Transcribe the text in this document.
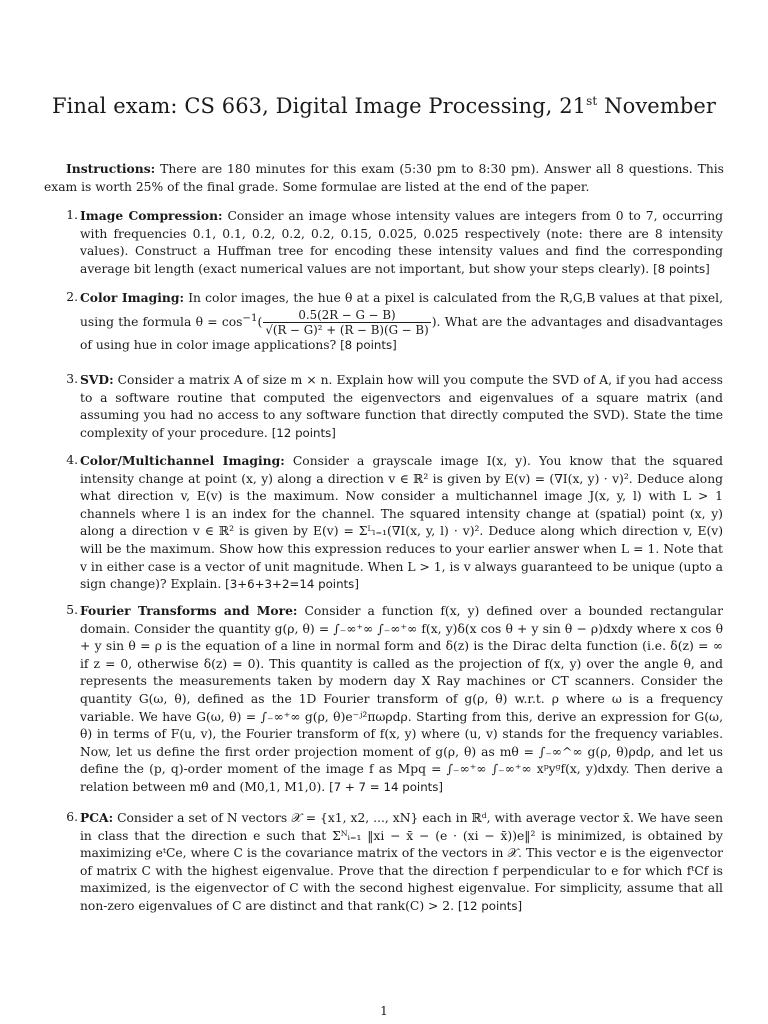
Final exam: CS 663, Digital Image Processing, 21st November
Instructions: There are 180 minutes for this exam (5:30 pm to 8:30 pm). Answer all 8 questions. This exam is worth 25% of the final grade. Some formulae are listed at the end of the paper.
1. Image Compression: Consider an image whose intensity values are integers from 0 to 7, occurring with frequencies 0.1, 0.1, 0.2, 0.2, 0.2, 0.15, 0.025, 0.025 respectively (note: there are 8 intensity values). Construct a Huffman tree for encoding these intensity values and find the corresponding average bit length (exact numerical values are not important, but show your steps clearly). [8 points]
2. Color Imaging: In color images, the hue θ at a pixel is calculated from the R,G,B values at that pixel, using the formula $\theta = \cos^{-1}( \frac{0.5(2R - G - B)}{\text{√(R − G)² + (R − B)(G − B)}}$ ). What are the advantages and disadvantages of using hue in color image applications? [8 points]
3. SVD: Consider a matrix A of size m × n. Explain how will you compute the SVD of A, if you had access to a software routine that computed the eigenvectors and eigenvalues of a square matrix (and assuming you had no access to any software function that directly computed the SVD). State the time complexity of your procedure. [12 points]
4. Color/Multichannel Imaging: Consider a grayscale image I(x, y). You know that the squared intensity change at point (x, y) along a direction v ∈ ℝ² is given by E(v) = (∇I(x, y) · v)². Deduce along what direction v, E(v) is the maximum. Now consider a multichannel image J(x, y, l) with L > 1 channels where l is an index for the channel. The squared intensity change at (spatial) point (x, y) along a direction v ∈ ℝ² is given by E(v) = Σᴸₗ₌₁(∇I(x, y, l) · v)². Deduce along which direction v, E(v) will be the maximum. Show how this expression reduces to your earlier answer when L = 1. Note that v in either case is a vector of unit magnitude. When L > 1, is v always guaranteed to be unique (upto a sign change)? Explain. [3+6+3+2=14 points]
5. Fourier Transforms and More: Consider a function f(x, y) defined over a bounded rectangular domain. Consider the quantity g(ρ, θ) = ∫₋∞⁺∞ ∫₋∞⁺∞ f(x, y)δ(x cos θ + y sin θ − ρ)dxdy where x cos θ + y sin θ = ρ is the equation of a line in normal form and δ(z) is the Dirac delta function (i.e. δ(z) = ∞ if z = 0, otherwise δ(z) = 0). This quantity is called as the projection of f(x, y) over the angle θ, and represents the measurements taken by modern day X Ray machines or CT scanners. Consider the quantity G(ω, θ), defined as the 1D Fourier transform of g(ρ, θ) w.r.t. ρ where ω is a frequency variable. We have G(ω, θ) = ∫₋∞⁺∞ g(ρ, θ)e⁻ʲ²πωρdρ. Starting from this, derive an expression for G(ω, θ) in terms of F(u, v), the Fourier transform of f(x, y) where (u, v) stands for the frequency variables. Now, let us define the first order projection moment of g(ρ, θ) as mθ = ∫₋∞^∞ g(ρ, θ)ρdρ, and let us define the (p, q)-order moment of the image f as Mpq = ∫₋∞⁺∞ ∫₋∞⁺∞ xᵖyᵍf(x, y)dxdy. Then derive a relation between mθ and (M0,1, M1,0). [7 + 7 = 14 points]
6. PCA: Consider a set of N vectors 𝒳 = {x1, x2, ..., xN} each in ℝᵈ, with average vector x̄. We have seen in class that the direction e such that Σᴺᵢ₌₁ ‖xi − x̄ − (e · (xi − x̄))e‖² is minimized, is obtained by maximizing eᵗCe, where C is the covariance matrix of the vectors in 𝒳. This vector e is the eigenvector of matrix C with the highest eigenvalue. Prove that the direction f perpendicular to e for which fᵗCf is maximized, is the eigenvector of C with the second highest eigenvalue. For simplicity, assume that all non-zero eigenvalues of C are distinct and that rank(C) > 2. [12 points]
1
